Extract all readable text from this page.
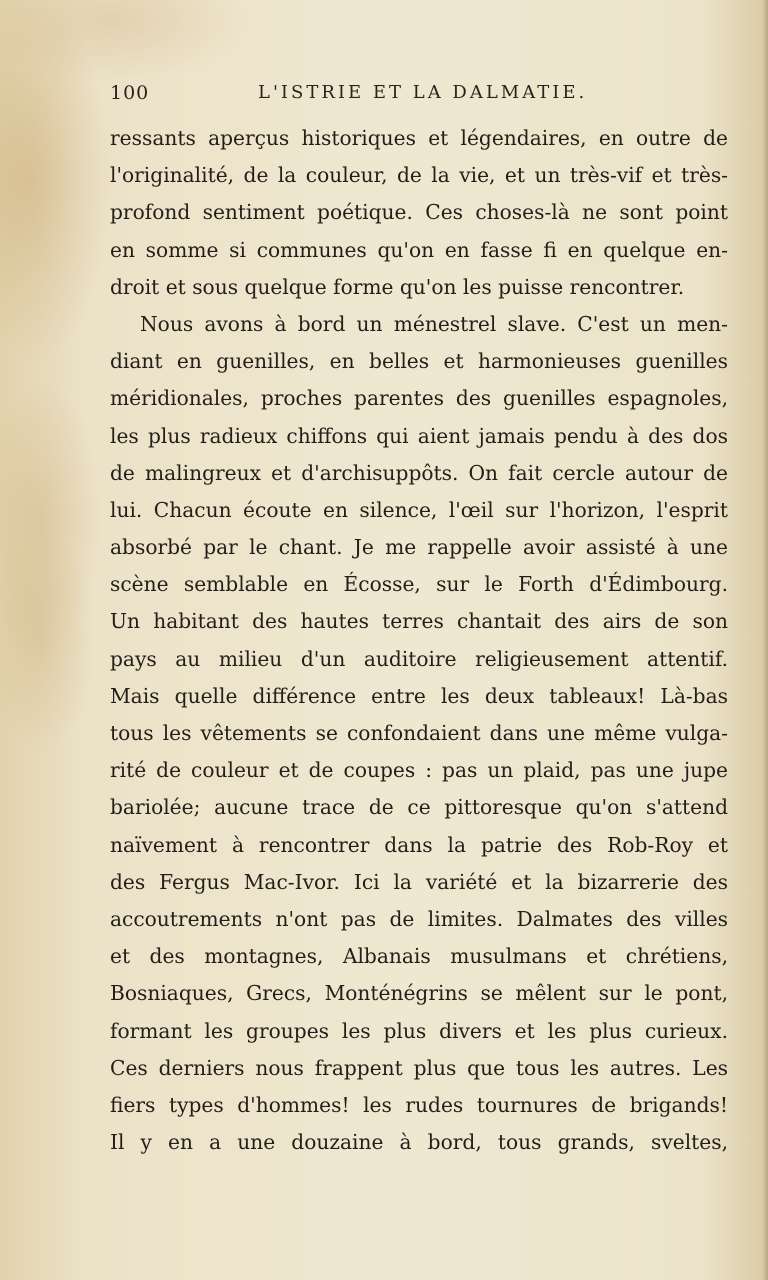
100	L'ISTRIE ET LA DALMATIE.
ressants aperçus historiques et légendaires, en outre de
l'originalité, de la couleur, de la vie, et un très-vif et très-
profond sentiment poétique. Ces choses-là ne sont point
en somme si communes qu'on en fasse fi en quelque en-
droit et sous quelque forme qu'on les puisse rencontrer.
Nous avons à bord un ménestrel slave. C'est un men-
diant en guenilles, en belles et harmonieuses guenilles
méridionales, proches parentes des guenilles espagnoles,
les plus radieux chiffons qui aient jamais pendu à des dos
de malingreux et d'archisuppôts. On fait cercle autour de
lui. Chacun écoute en silence, l'œil sur l'horizon, l'esprit
absorbé par le chant. Je me rappelle avoir assisté à une
scène semblable en Écosse, sur le Forth d'Édimbourg.
Un habitant des hautes terres chantait des airs de son
pays au milieu d'un auditoire religieusement attentif.
Mais quelle différence entre les deux tableaux! Là-bas
tous les vêtements se confondaient dans une même vulga-
rité de couleur et de coupes : pas un plaid, pas une jupe
bariolée; aucune trace de ce pittoresque qu'on s'attend
naïvement à rencontrer dans la patrie des Rob-Roy et
des Fergus Mac-Ivor. Ici la variété et la bizarrerie des
accoutrements n'ont pas de limites. Dalmates des villes
et des montagnes, Albanais musulmans et chrétiens,
Bosniaques, Grecs, Monténégrins se mêlent sur le pont,
formant les groupes les plus divers et les plus curieux.
Ces derniers nous frappent plus que tous les autres. Les
fiers types d'hommes! les rudes tournures de brigands!
Il y en a une douzaine à bord, tous grands, sveltes,
